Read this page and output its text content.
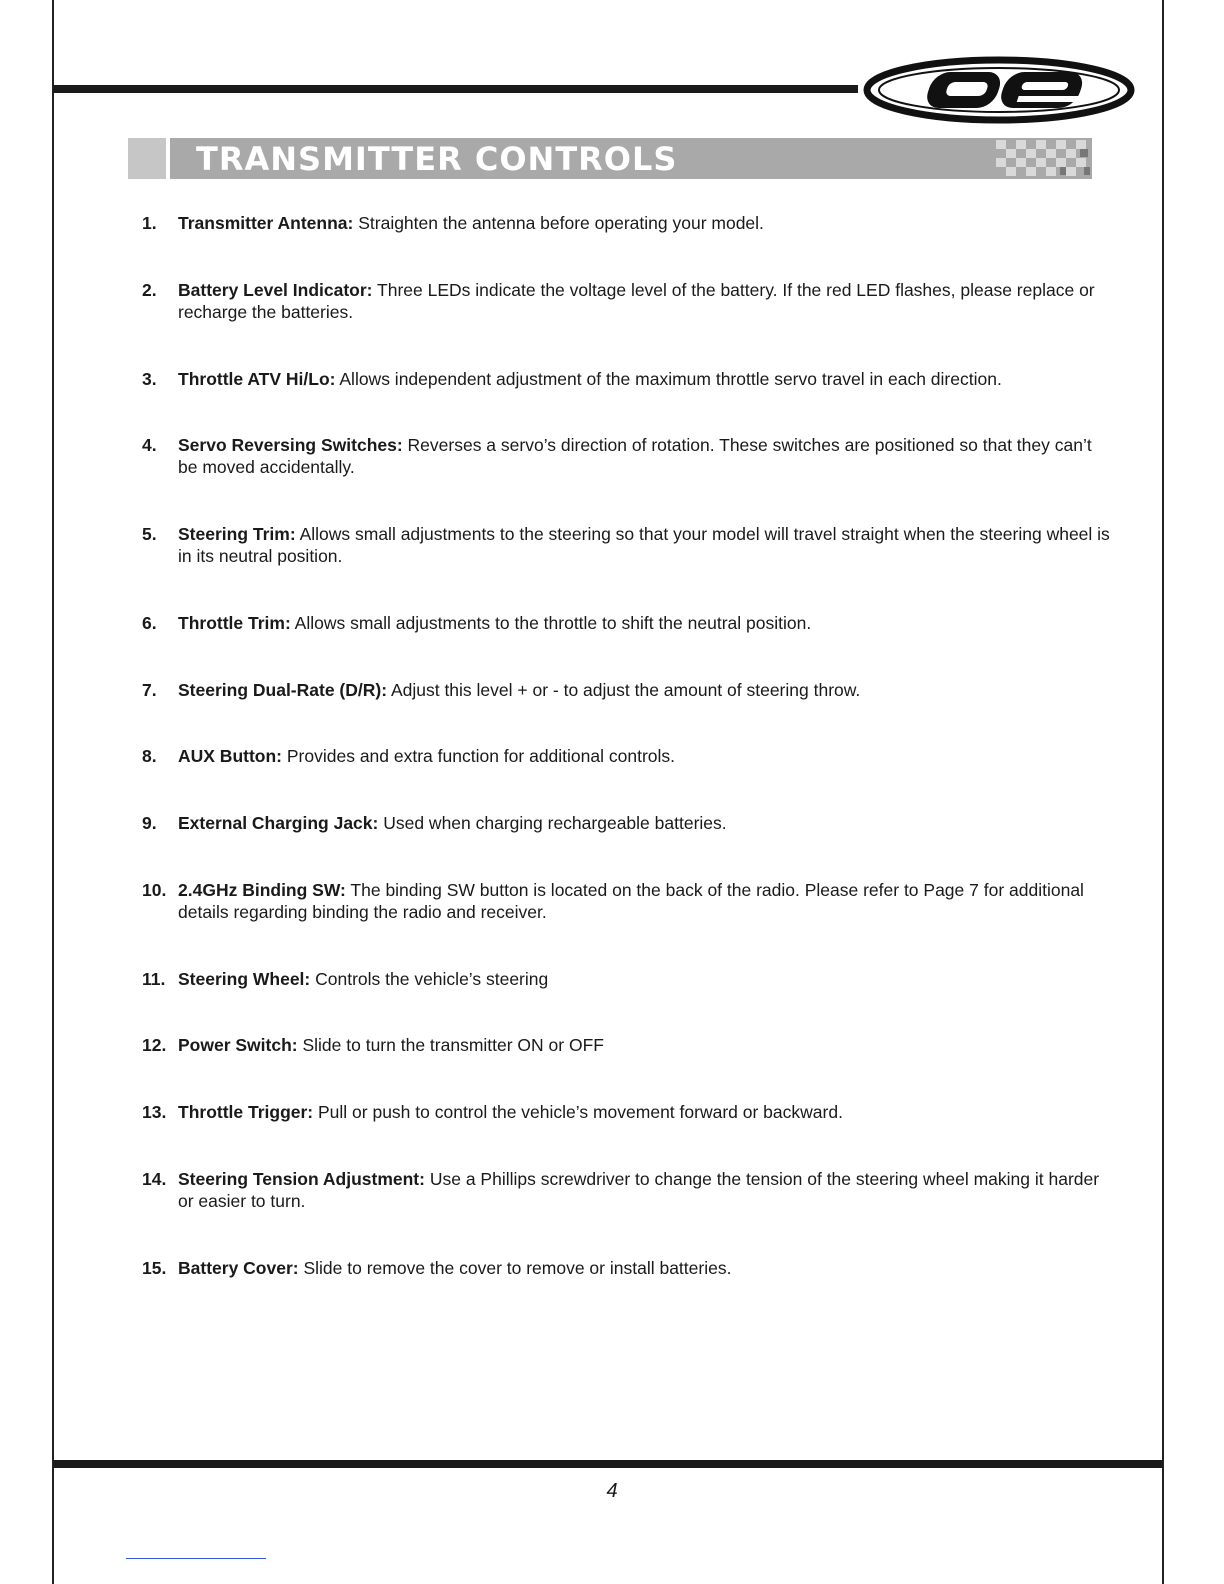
TRANSMITTER CONTROLS
1. Transmitter Antenna: Straighten the antenna before operating your model.
2. Battery Level Indicator: Three LEDs indicate the voltage level of the battery. If the red LED flashes, please replace or recharge the batteries.
3. Throttle ATV Hi/Lo: Allows independent adjustment of the maximum throttle servo travel in each direction.
4. Servo Reversing Switches: Reverses a servo’s direction of rotation. These switches are positioned so that they can’t be moved accidentally.
5. Steering Trim: Allows small adjustments to the steering so that your model will travel straight when the steering wheel is in its neutral position.
6. Throttle Trim: Allows small adjustments to the throttle to shift the neutral position.
7. Steering Dual-Rate (D/R): Adjust this level + or - to adjust the amount of steering throw.
8. AUX Button: Provides and extra function for additional controls.
9. External Charging Jack: Used when charging rechargeable batteries.
10. 2.4GHz Binding SW: The binding SW button is located on the back of the radio. Please refer to Page 7 for additional details regarding binding the radio and receiver.
11. Steering Wheel: Controls the vehicle’s steering
12. Power Switch: Slide to turn the transmitter ON or OFF
13. Throttle Trigger: Pull or push to control the vehicle’s movement forward or backward.
14. Steering Tension Adjustment: Use a Phillips screwdriver to change the tension of the steering wheel making it harder or easier to turn.
15. Battery Cover: Slide to remove the cover to remove or install batteries.
4
